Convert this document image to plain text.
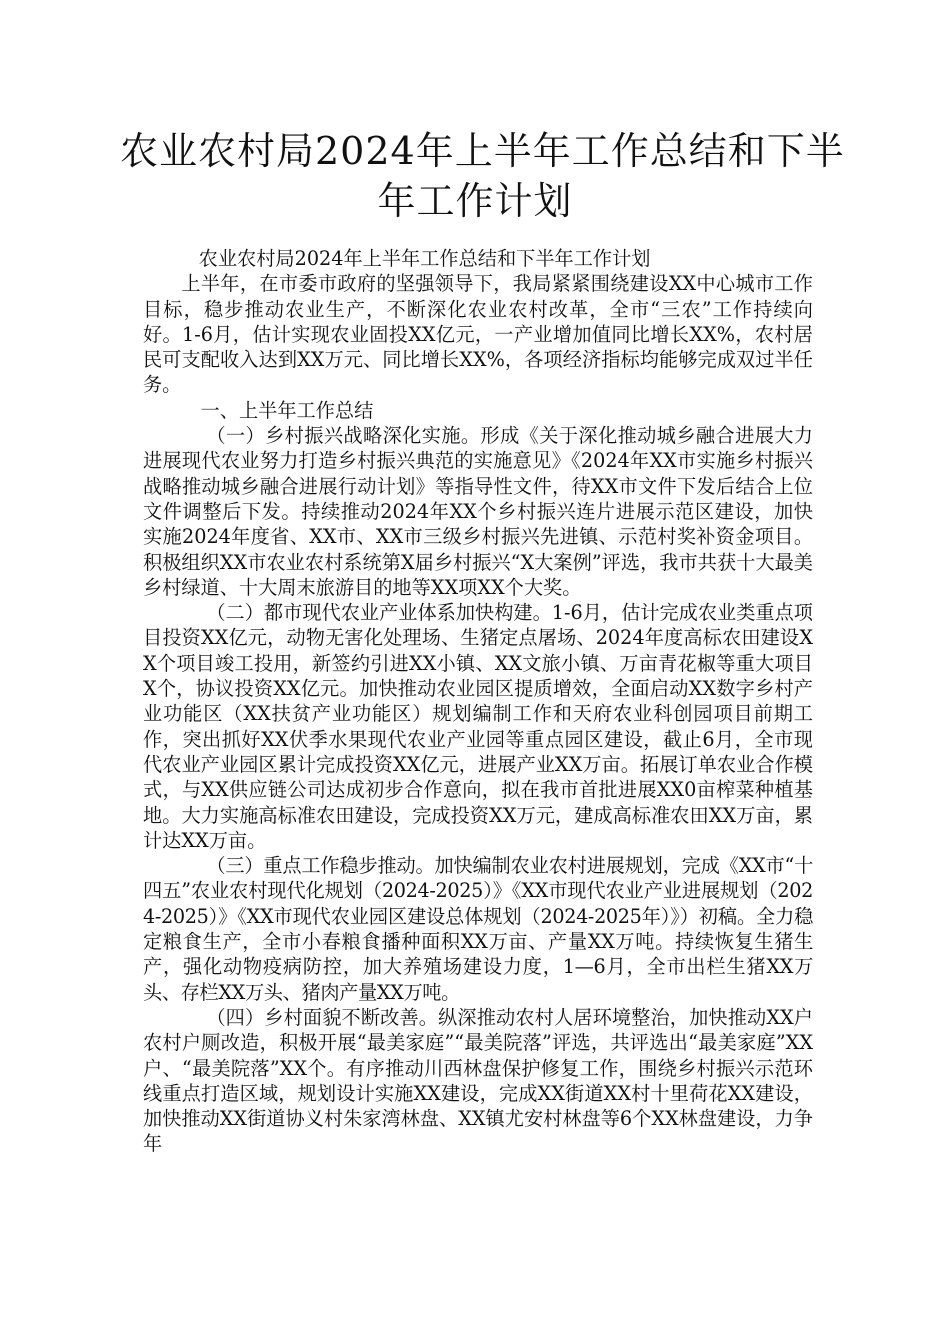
农业农村局2024年上半年工作总结和下半
年工作计划

农业农村局2024年上半年工作总结和下半年工作计划

上半年，在市委市政府的坚强领导下，我局紧紧围绕建设XX中心城市工作目标，稳步推动农业生产，不断深化农业农村改革，全市“三农”工作持续向好。1-6月，估计实现农业固投XX亿元，一产业增加值同比增长XX%，农村居民可支配收入达到XX万元、同比增长XX%，各项经济指标均能够完成双过半任务。

一、上半年工作总结

（一）乡村振兴战略深化实施。形成《关于深化推动城乡融合进展大力进展现代农业努力打造乡村振兴典范的实施意见》《2024年XX市实施乡村振兴战略推动城乡融合进展行动计划》等指导性文件，待XX市文件下发后结合上位文件调整后下发。持续推动2024年XX个乡村振兴连片进展示范区建设，加快实施2024年度省、XX市、XX市三级乡村振兴先进镇、示范村奖补资金项目。积极组织XX市农业农村系统第X届乡村振兴“X大案例”评选，我市共获十大最美乡村绿道、十大周末旅游目的地等XX项XX个大奖。

（二）都市现代农业产业体系加快构建。1-6月，估计完成农业类重点项目投资XX亿元，动物无害化处理场、生猪定点屠场、2024年度高标农田建设XX个项目竣工投用，新签约引进XX小镇、XX文旅小镇、万亩青花椒等重大项目X个，协议投资XX亿元。加快推动农业园区提质增效，全面启动XX数字乡村产业功能区（XX扶贫产业功能区）规划编制工作和天府农业科创园项目前期工作，突出抓好XX伏季水果现代农业产业园等重点园区建设，截止6月，全市现代农业产业园区累计完成投资XX亿元，进展产业XX万亩。拓展订单农业合作模式，与XX供应链公司达成初步合作意向，拟在我市首批进展XX0亩榨菜种植基地。大力实施高标准农田建设，完成投资XX万元，建成高标准农田XX万亩，累计达XX万亩。

（三）重点工作稳步推动。加快编制农业农村进展规划，完成《XX市“十四五”农业农村现代化规划（2024-2025）》《XX市现代农业产业进展规划（2024-2025）》《XX市现代农业园区建设总体规划（2024-2025年）》）初稿。全力稳定粮食生产，全市小春粮食播种面积XX万亩、产量XX万吨。持续恢复生猪生产，强化动物疫病防控，加大养殖场建设力度，1—6月，全市出栏生猪XX万头、存栏XX万头、猪肉产量XX万吨。

（四）乡村面貌不断改善。纵深推动农村人居环境整治，加快推动XX户农村户厕改造，积极开展“最美家庭”“最美院落”评选，共评选出“最美家庭”XX户、“最美院落”XX个。有序推动川西林盘保护修复工作，围绕乡村振兴示范环线重点打造区域，规划设计实施XX建设，完成XX街道XX村十里荷花XX建设，加快推动XX街道协义村朱家湾林盘、XX镇尤安村林盘等6个XX林盘建设，力争年
